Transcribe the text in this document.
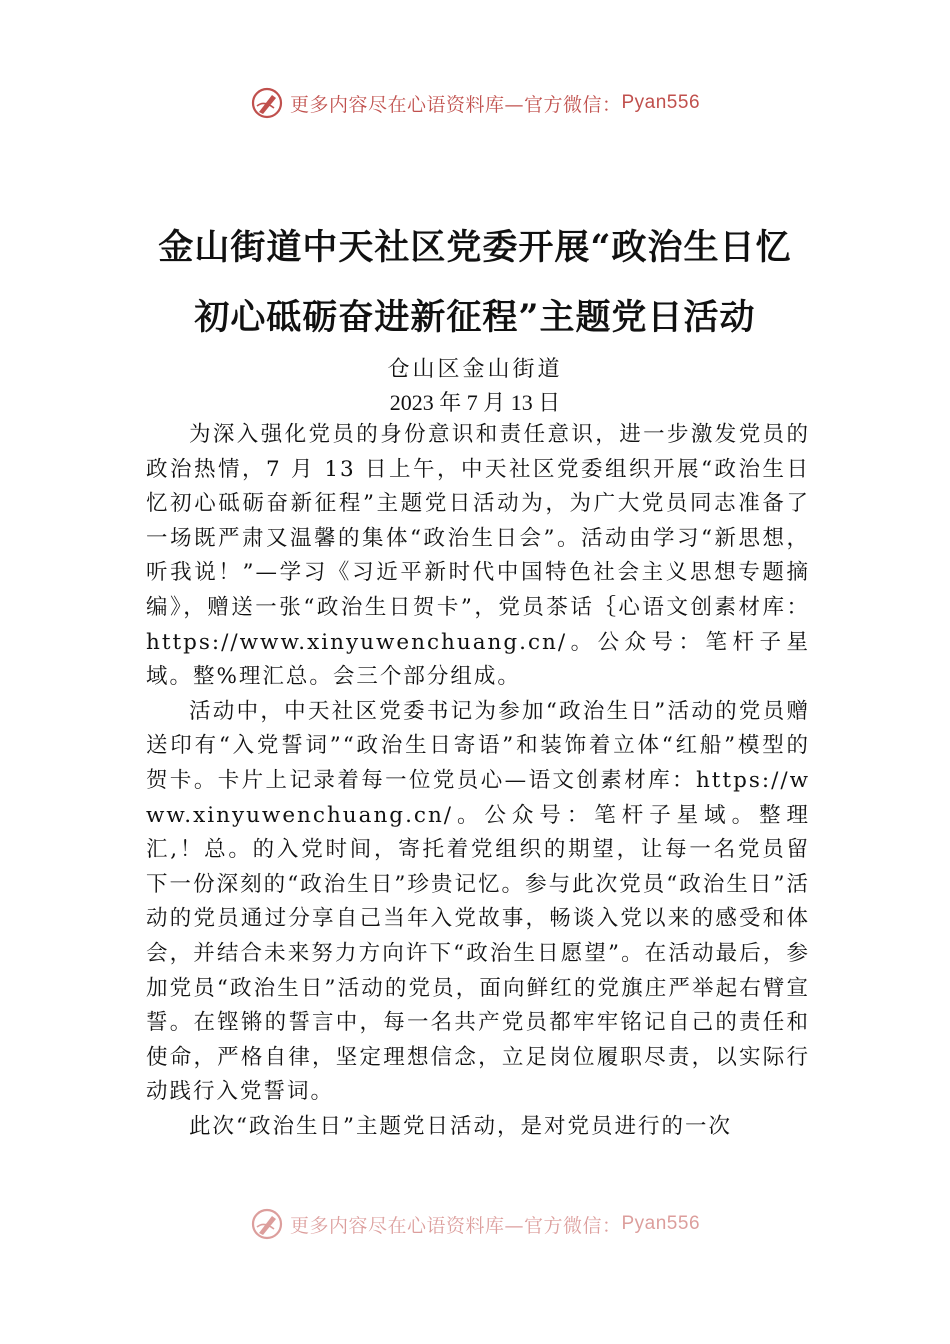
更多内容尽在心语资料库—官方微信： Pyan556
金山街道中天社区党委开展“政治生日忆
初心砥砺奋进新征程”主题党日活动
仓山区金山街道
2023 年 7 月 13 日

为深入强化党员的身份意识和责任意识，进一步激发党员的政治热情，7 月 13 日上午，中天社区党委组织开展“政治生日忆初心砥砺奋新征程”主题党日活动为，为广大党员同志准备了一场既严肃又温馨的集体“政治生日会”。活动由学习“新思想，听我说！”—学习《习近平新时代中国特色社会主义思想专题摘编》，赠送一张“政治生日贺卡”，党员茶话｛心语文创素材库：https://www.xinyuwenchuang.cn/。公众号：笔杆子星域。整%理汇总。会三个部分组成。

活动中，中天社区党委书记为参加“政治生日”活动的党员赠送印有“入党誓词”“政治生日寄语”和装饰着立体“红船”模型的贺卡。卡片上记录着每一位党员心—语文创素材库：https://www.xinyuwenchuang.cn/。公众号：笔杆子星域。整理汇,！总。的入党时间，寄托着党组织的期望，让每一名党员留下一份深刻的“政治生日”珍贵记忆。参与此次党员“政治生日”活动的党员通过分享自己当年入党故事，畅谈入党以来的感受和体会，并结合未来努力方向许下“政治生日愿望”。在活动最后，参加党员“政治生日”活动的党员，面向鲜红的党旗庄严举起右臂宣誓。在铿锵的誓言中，每一名共产党员都牢牢铭记自己的责任和使命，严格自律，坚定理想信念，立足岗位履职尽责，以实际行动践行入党誓词。

此次“政治生日”主题党日活动，是对党员进行的一次

更多内容尽在心语资料库—官方微信： Pyan556
